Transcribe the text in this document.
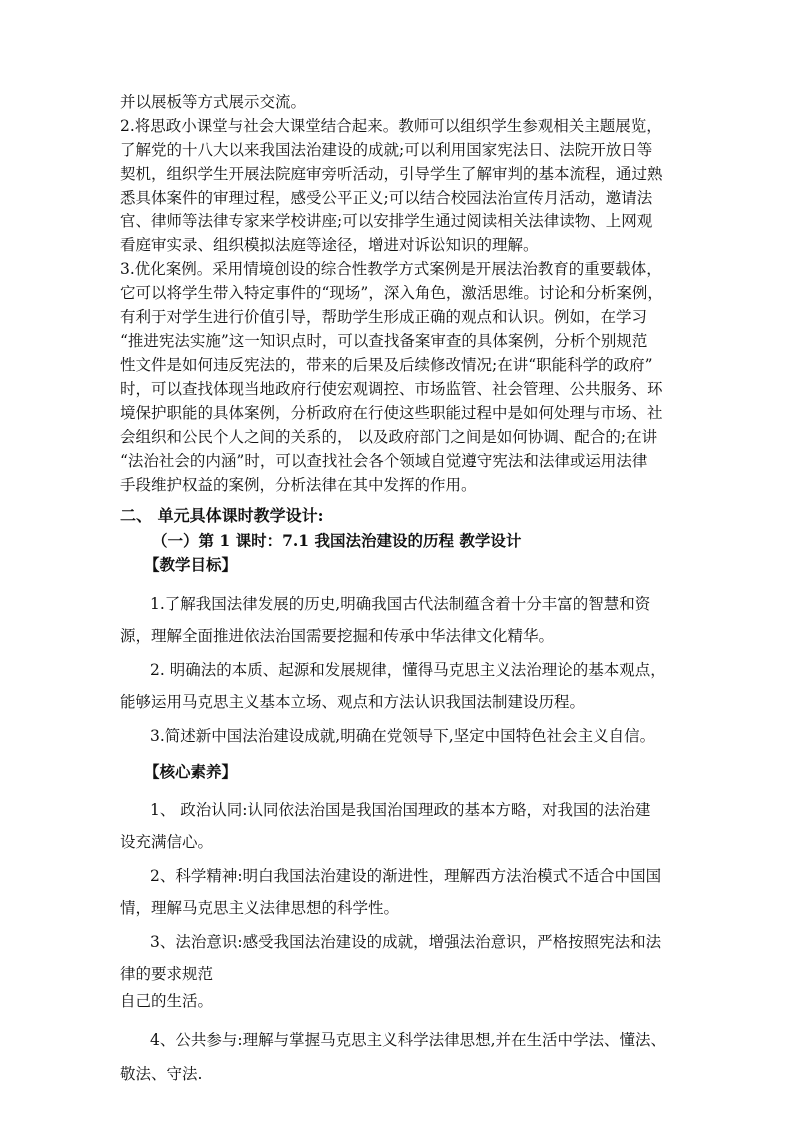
并以展板等方式展示交流。
2.将思政小课堂与社会大课堂结合起来。教师可以组织学生参观相关主题展览，
了解党的十八大以来我国法治建设的成就;可以利用国家宪法日、法院开放日等
契机，组织学生开展法院庭审旁听活动，引导学生了解审判的基本流程，通过熟
悉具体案件的审理过程，感受公平正义;可以结合校园法治宣传月活动，邀请法
官、律师等法律专家来学校讲座;可以安排学生通过阅读相关法律读物、上网观
看庭审实录、组织模拟法庭等途径，增进对诉讼知识的理解。
3.优化案例。采用情境创设的综合性教学方式案例是开展法治教育的重要载体，
它可以将学生带入特定事件的“现场”，深入角色，激活思维。讨论和分析案例，
有利于对学生进行价值引导，帮助学生形成正确的观点和认识。例如，在学习
“推进宪法实施”这一知识点时，可以查找备案审查的具体案例，分析个别规范
性文件是如何违反宪法的，带来的后果及后续修改情况;在讲“职能科学的政府”
时，可以查找体现当地政府行使宏观调控、市场监管、社会管理、公共服务、环
境保护职能的具体案例，分析政府在行使这些职能过程中是如何处理与市场、社
会组织和公民个人之间的关系的， 以及政府部门之间是如何协调、配合的;在讲
“法治社会的内涵”时，可以查找社会各个领域自觉遵守宪法和法律或运用法律
手段维护权益的案例，分析法律在其中发挥的作用。
二、 单元具体课时教学设计:
（一）第 1 课时：7.1 我国法治建设的历程 教学设计
【教学目标】
1.了解我国法律发展的历史,明确我国古代法制蕴含着十分丰富的智慧和资
源，理解全面推进依法治国需要挖掘和传承中华法律文化精华。
2. 明确法的本质、起源和发展规律，懂得马克思主义法治理论的基本观点，
能够运用马克思主义基本立场、观点和方法认识我国法制建设历程。
3.简述新中国法治建设成就,明确在党领导下,坚定中国特色社会主义自信。
【核心素养】
1、 政治认同:认同依法治国是我国治国理政的基本方略，对我国的法治建
设充满信心。
2、科学精神:明白我国法治建设的渐进性，理解西方法治模式不适合中国国
情，理解马克思主义法律思想的科学性。
3、法治意识:感受我国法治建设的成就，增强法治意识，严格按照宪法和法
律的要求规范
自己的生活。
4、公共参与:理解与掌握马克思主义科学法律思想,并在生活中学法、懂法、
敬法、守法.
